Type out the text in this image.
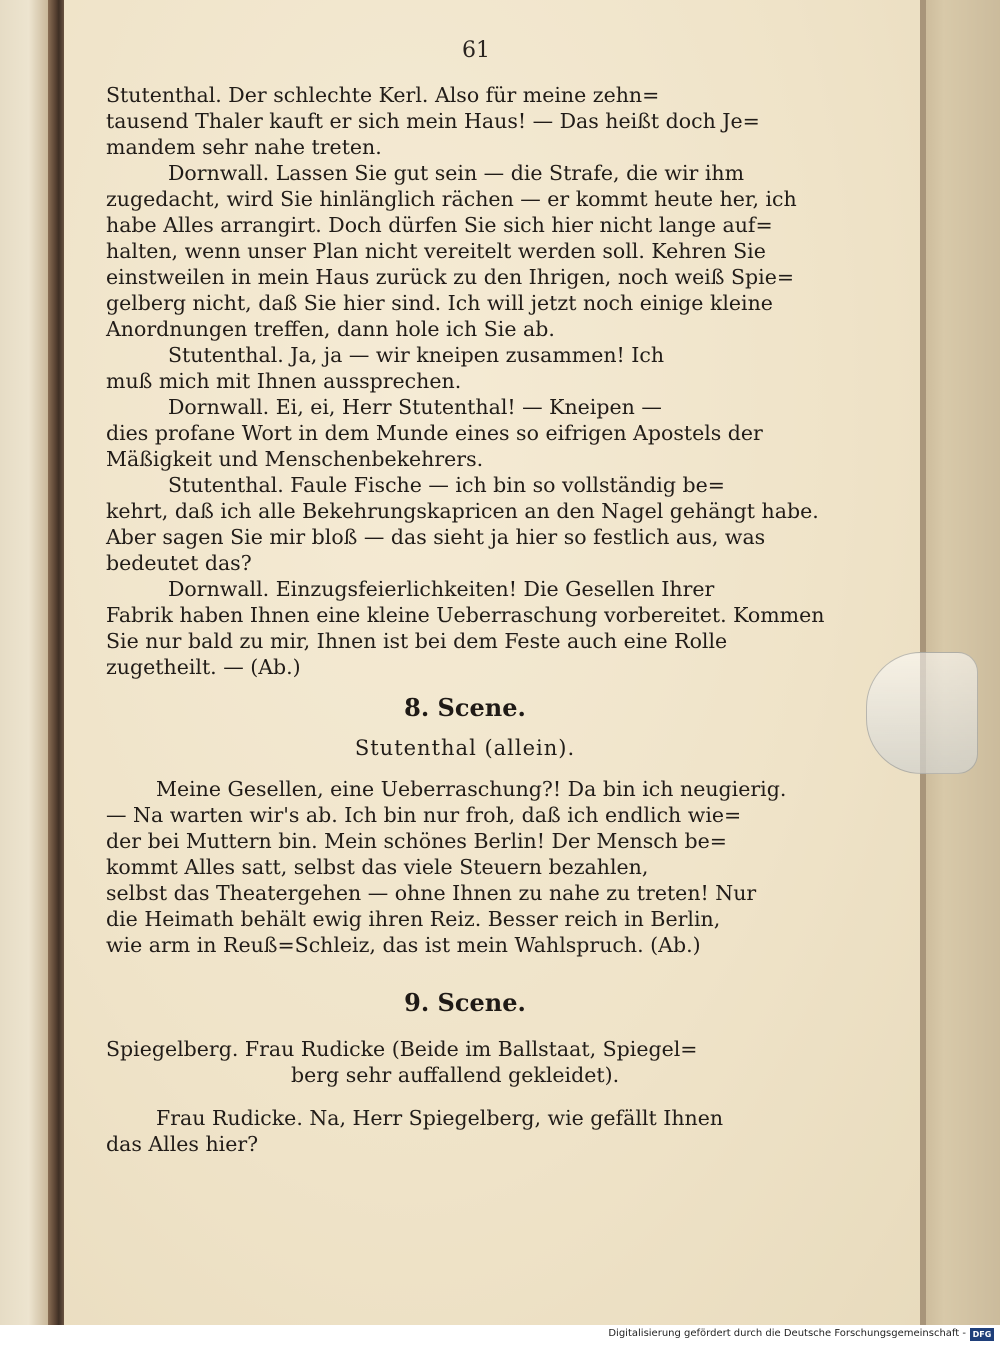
61
Stutenthal. Der schlechte Kerl. Also für meine zehn=
tausend Thaler kauft er sich mein Haus! — Das heißt doch Je=
mandem sehr nahe treten.
Dornwall. Lassen Sie gut sein — die Strafe, die wir ihm
zugedacht, wird Sie hinlänglich rächen — er kommt heute her, ich
habe Alles arrangirt. Doch dürfen Sie sich hier nicht lange auf=
halten, wenn unser Plan nicht vereitelt werden soll. Kehren Sie
einstweilen in mein Haus zurück zu den Ihrigen, noch weiß Spie=
gelberg nicht, daß Sie hier sind. Ich will jetzt noch einige kleine
Anordnungen treffen, dann hole ich Sie ab.
Stutenthal. Ja, ja — wir kneipen zusammen! Ich
muß mich mit Ihnen aussprechen.
Dornwall. Ei, ei, Herr Stutenthal! — Kneipen —
dies profane Wort in dem Munde eines so eifrigen Apostels der
Mäßigkeit und Menschenbekehrers.
Stutenthal. Faule Fische — ich bin so vollständig be=
kehrt, daß ich alle Bekehrungskapricen an den Nagel gehängt habe.
Aber sagen Sie mir bloß — das sieht ja hier so festlich aus, was
bedeutet das?
Dornwall. Einzugsfeierlichkeiten! Die Gesellen Ihrer
Fabrik haben Ihnen eine kleine Ueberraschung vorbereitet. Kommen
Sie nur bald zu mir, Ihnen ist bei dem Feste auch eine Rolle
zugetheilt. — (Ab.)
8. Scene.
Stutenthal (allein).
Meine Gesellen, eine Ueberraschung?! Da bin ich neugierig.
— Na warten wir's ab. Ich bin nur froh, daß ich endlich wie=
der bei Muttern bin. Mein schönes Berlin! Der Mensch be=
kommt Alles satt, selbst das viele Steuern bezahlen,
selbst das Theatergehen — ohne Ihnen zu nahe zu treten! Nur
die Heimath behält ewig ihren Reiz. Besser reich in Berlin,
wie arm in Reuß=Schleiz, das ist mein Wahlspruch. (Ab.)
9. Scene.
Spiegelberg. Frau Rudicke (Beide im Ballstaat, Spiegel=
berg sehr auffallend gekleidet).
Frau Rudicke. Na, Herr Spiegelberg, wie gefällt Ihnen
das Alles hier?
Digitalisierung gefördert durch die Deutsche Forschungsgemeinschaft - DFG
